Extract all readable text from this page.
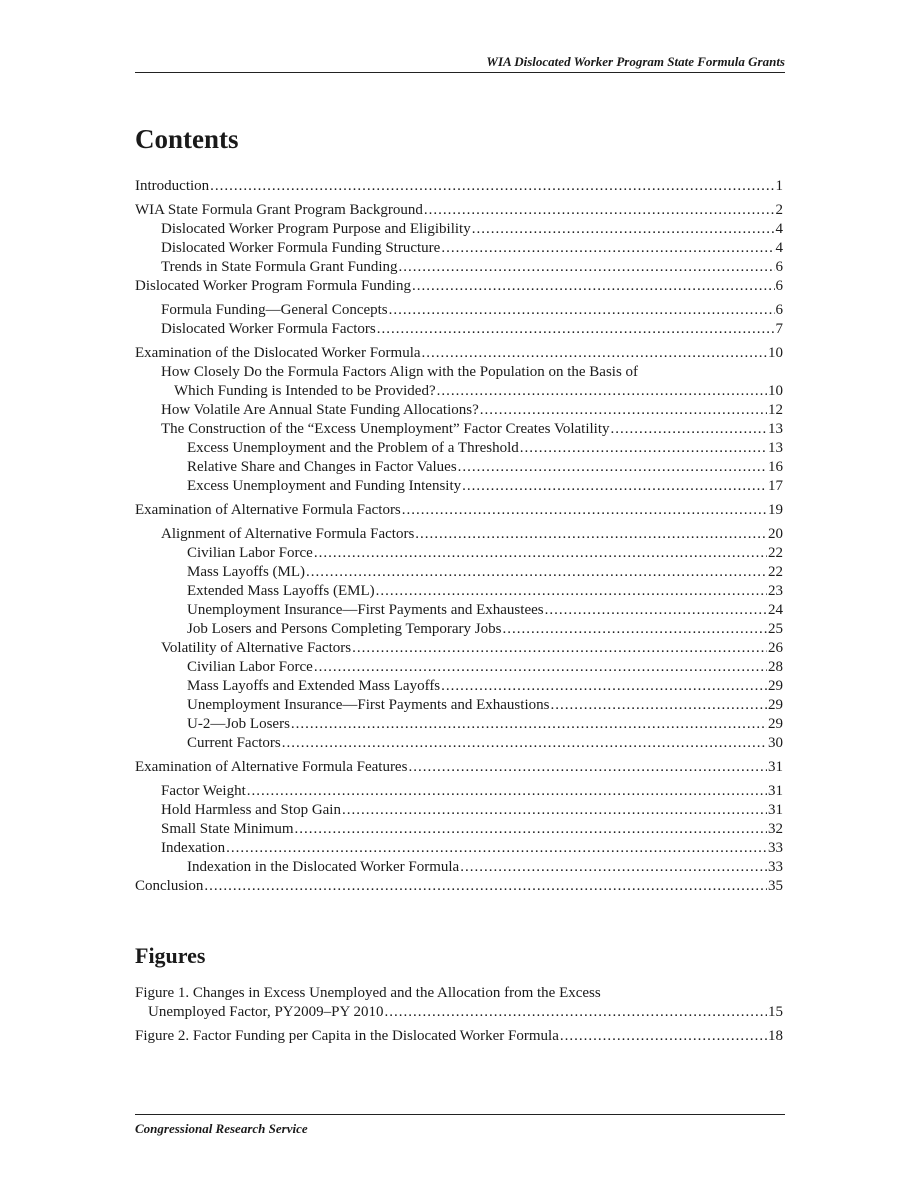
WIA Dislocated Worker Program State Formula Grants
Contents
Introduction .....	1
WIA State Formula Grant Program Background .....	2
Dislocated Worker Program Purpose and Eligibility .....	4
Dislocated Worker Formula Funding Structure .....	4
Trends in State Formula Grant Funding .....	6
Dislocated Worker Program Formula Funding .....	6
Formula Funding—General Concepts .....	6
Dislocated Worker Formula Factors .....	7
Examination of the Dislocated Worker Formula .....	10
How Closely Do the Formula Factors Align with the Population on the Basis of
Which Funding is Intended to be Provided? .....	10
How Volatile Are Annual State Funding Allocations? .....	12
The Construction of the “Excess Unemployment” Factor Creates Volatility .....	13
Excess Unemployment and the Problem of a Threshold .....	13
Relative Share and Changes in Factor Values .....	16
Excess Unemployment and Funding Intensity .....	17
Examination of Alternative Formula Factors .....	19
Alignment of Alternative Formula Factors .....	20
Civilian Labor Force .....	22
Mass Layoffs (ML) .....	22
Extended Mass Layoffs (EML) .....	23
Unemployment Insurance—First Payments and Exhaustees .....	24
Job Losers and Persons Completing Temporary Jobs .....	25
Volatility of Alternative Factors .....	26
Civilian Labor Force .....	28
Mass Layoffs and Extended Mass Layoffs .....	29
Unemployment Insurance—First Payments and Exhaustions .....	29
U-2—Job Losers .....	29
Current Factors .....	30
Examination of Alternative Formula Features .....	31
Factor Weight .....	31
Hold Harmless and Stop Gain .....	31
Small State Minimum .....	32
Indexation .....	33
Indexation in the Dislocated Worker Formula .....	33
Conclusion .....	35
Figures
Figure 1. Changes in Excess Unemployed and the Allocation from the Excess
Unemployed Factor, PY2009–PY 2010 .....	15
Figure 2. Factor Funding per Capita in the Dislocated Worker Formula .....	18
Congressional Research Service
